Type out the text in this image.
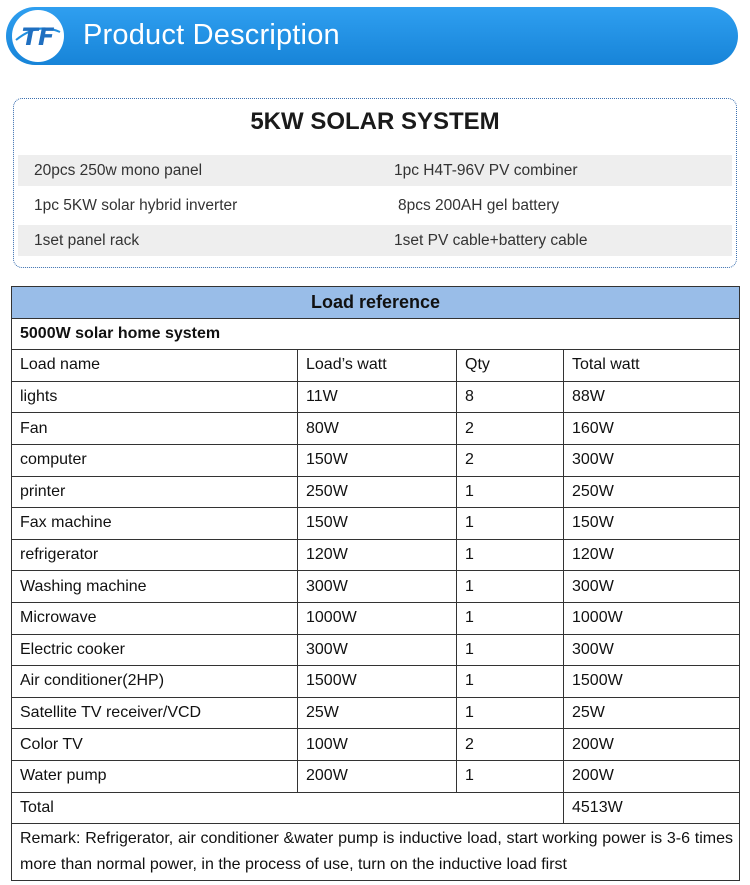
TF Product Description
5KW SOLAR SYSTEM
20pcs 250w mono panel	1pc H4T-96V PV combiner
1pc 5KW solar hybrid inverter	8pcs 200AH gel battery
1set panel rack	1set PV cable+battery cable
Load reference			
5000W solar home system			
Load name	Load’s watt	Qty	Total watt
lights	11W	8	88W
Fan	80W	2	160W
computer	150W	2	300W
printer	250W	1	250W
Fax machine	150W	1	150W
refrigerator	120W	1	120W
Washing machine	300W	1	300W
Microwave	1000W	1	1000W
Electric cooker	300W	1	300W
Air conditioner(2HP)	1500W	1	1500W
Satellite TV receiver/VCD	25W	1	25W
Color TV	100W	2	200W
Water pump	200W	1	200W
Total			4513W
Remark: Refrigerator, air conditioner &water pump is inductive load, start working power is 3-6 times more than normal power, in the process of use, turn on the inductive load first			
